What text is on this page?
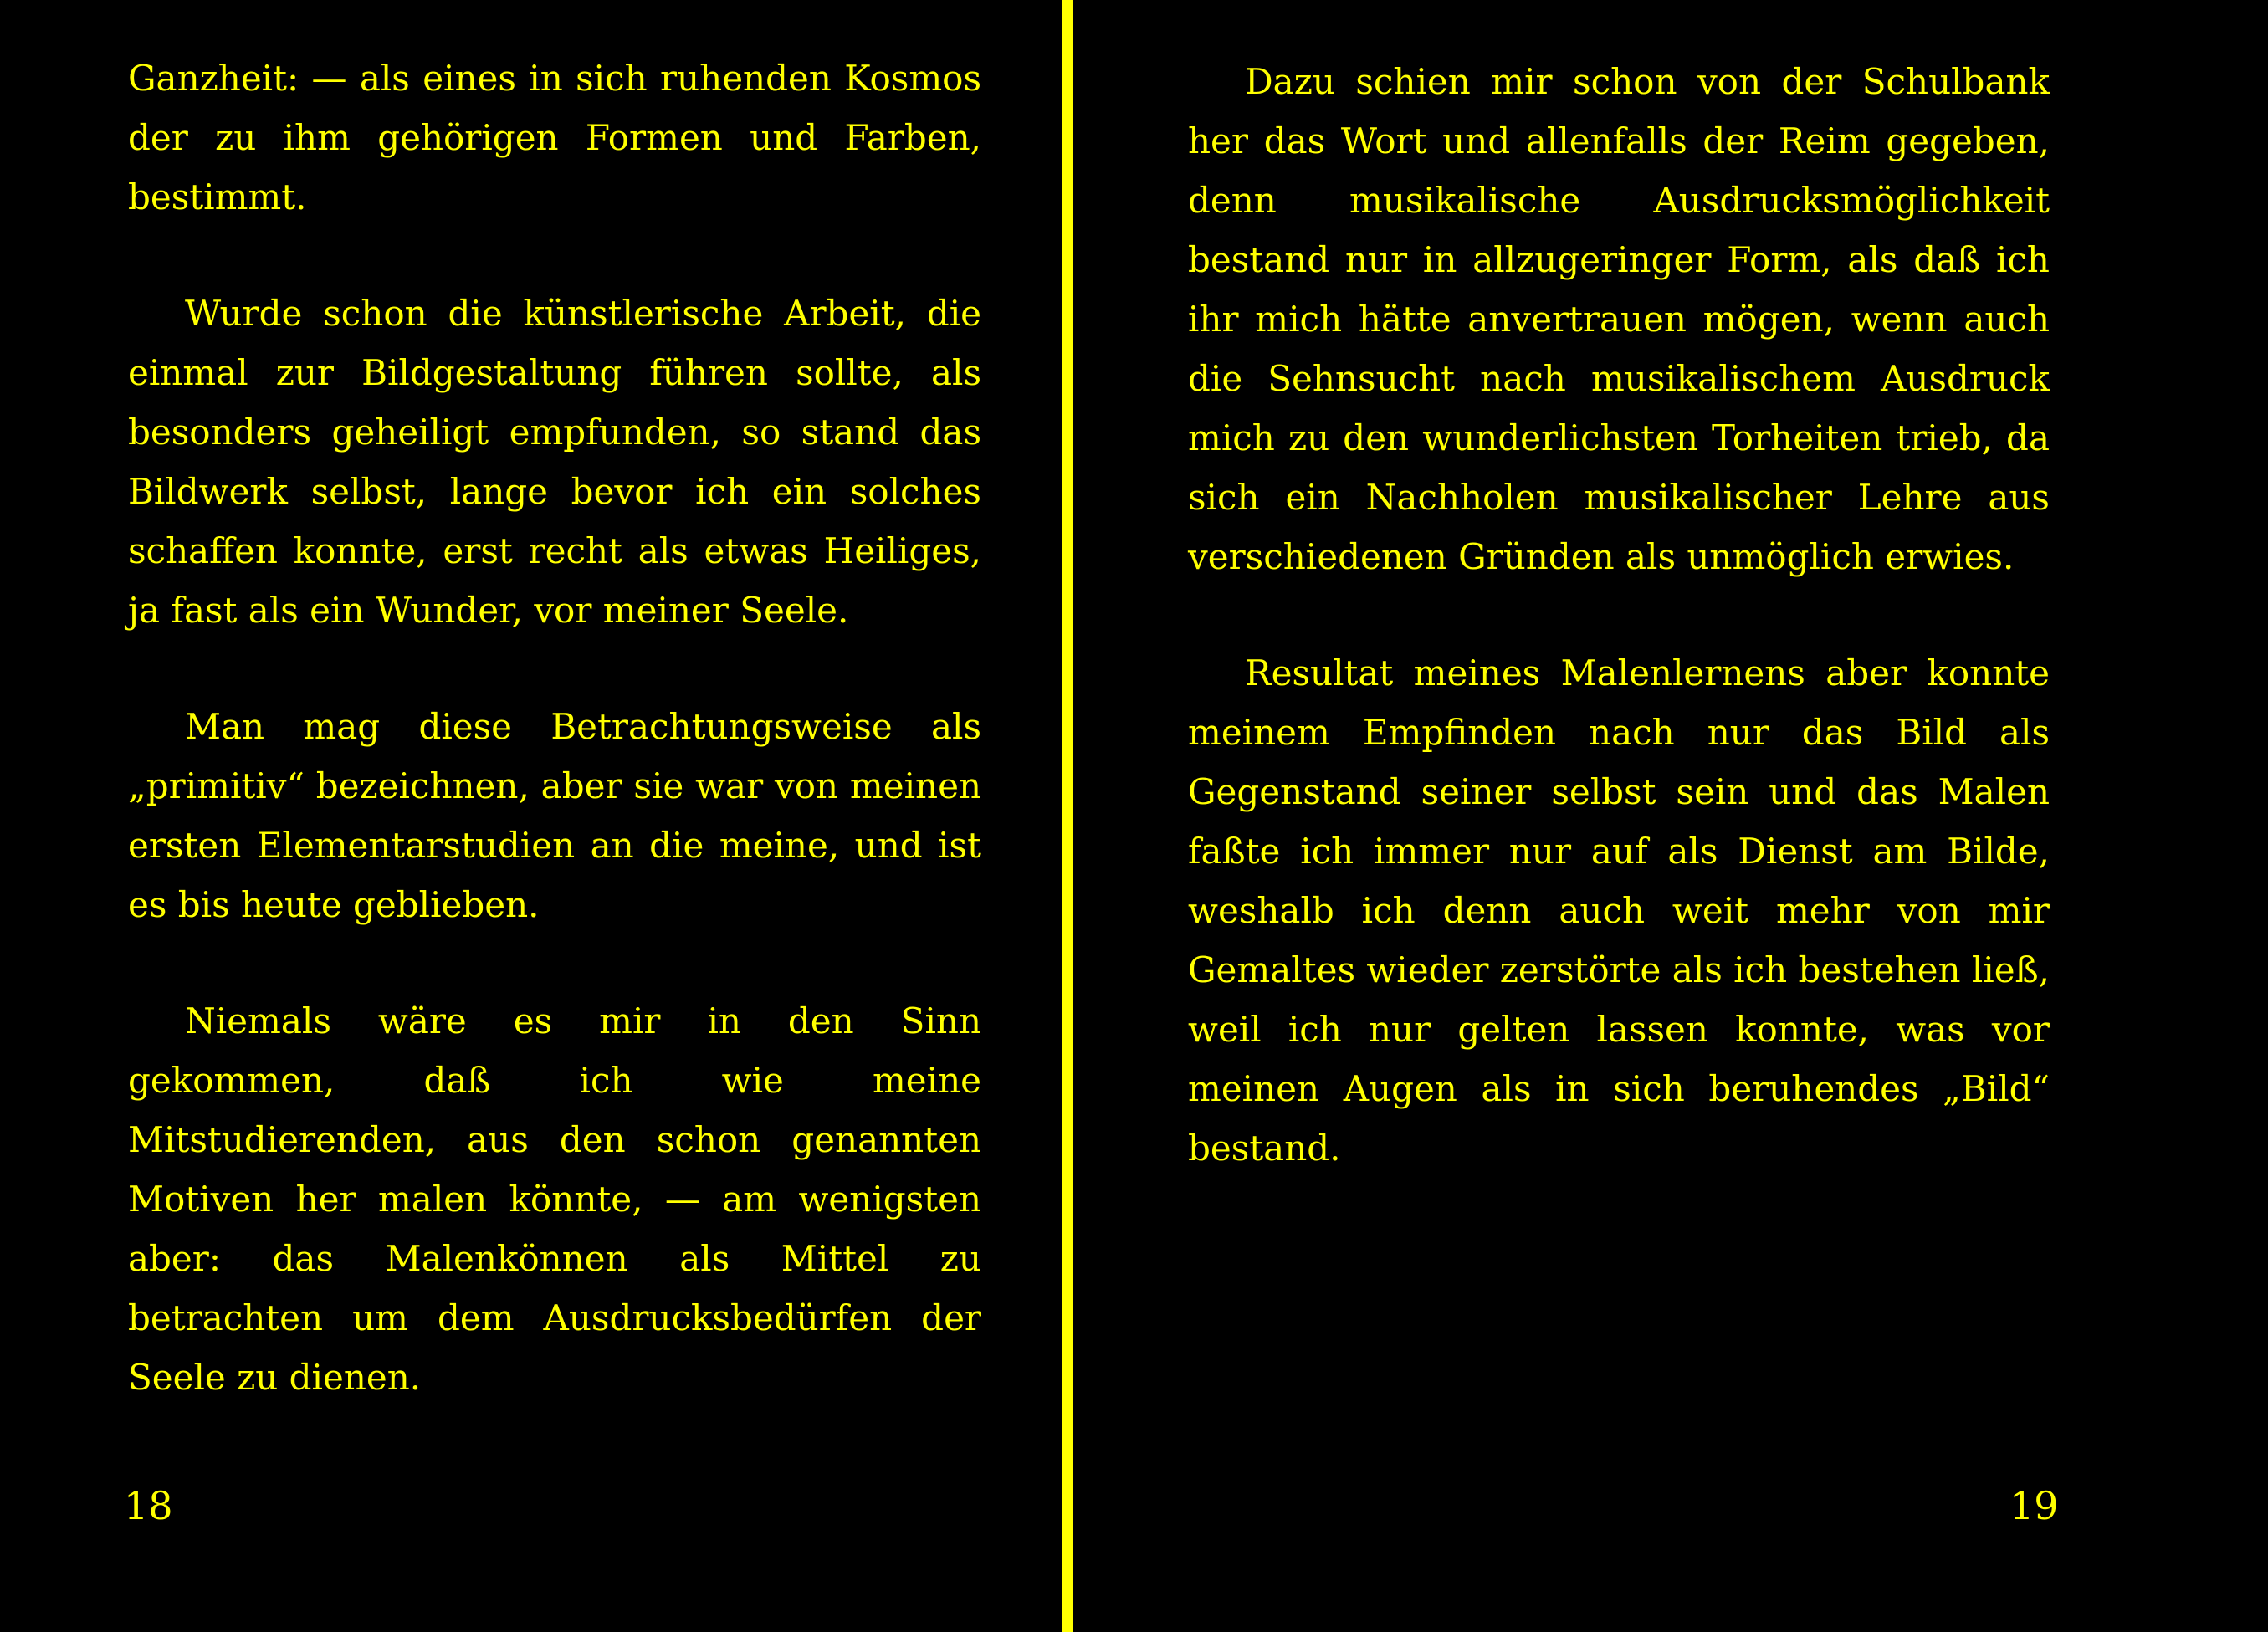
Ganzheit: — als eines in sich ruhenden Kosmos der zu ihm gehörigen Formen und Farben, bestimmt.

Wurde schon die künstlerische Arbeit, die einmal zur Bildgestaltung führen sollte, als besonders geheiligt empfunden, so stand das Bildwerk selbst, lange bevor ich ein solches schaffen konnte, erst recht als etwas Heiliges, ja fast als ein Wunder, vor meiner Seele.

Man mag diese Betrachtungsweise als „primitiv“ bezeichnen, aber sie war von meinen ersten Elementarstudien an die meine, und ist es bis heute geblieben.

Niemals wäre es mir in den Sinn gekommen, daß ich wie meine Mitstudierenden, aus den schon genannten Motiven her malen könnte, — am wenigsten aber: das Malenkönnen als Mittel zu betrachten um dem Ausdrucksbedürfen der Seele zu dienen.

18

Dazu schien mir schon von der Schulbank her das Wort und allenfalls der Reim gegeben, denn musikalische Ausdrucksmöglichkeit bestand nur in allzugeringer Form, als daß ich ihr mich hätte anvertrauen mögen, wenn auch die Sehnsucht nach musikalischem Ausdruck mich zu den wunderlichsten Torheiten trieb, da sich ein Nachholen musikalischer Lehre aus verschiedenen Gründen als unmöglich erwies.

Resultat meines Malenlernens aber konnte meinem Empfinden nach nur das Bild als Gegenstand seiner selbst sein und das Malen faßte ich immer nur auf als Dienst am Bilde, weshalb ich denn auch weit mehr von mir Gemaltes wieder zerstörte als ich bestehen ließ, weil ich nur gelten lassen konnte, was vor meinen Augen als in sich beruhendes „Bild“ bestand.

19
